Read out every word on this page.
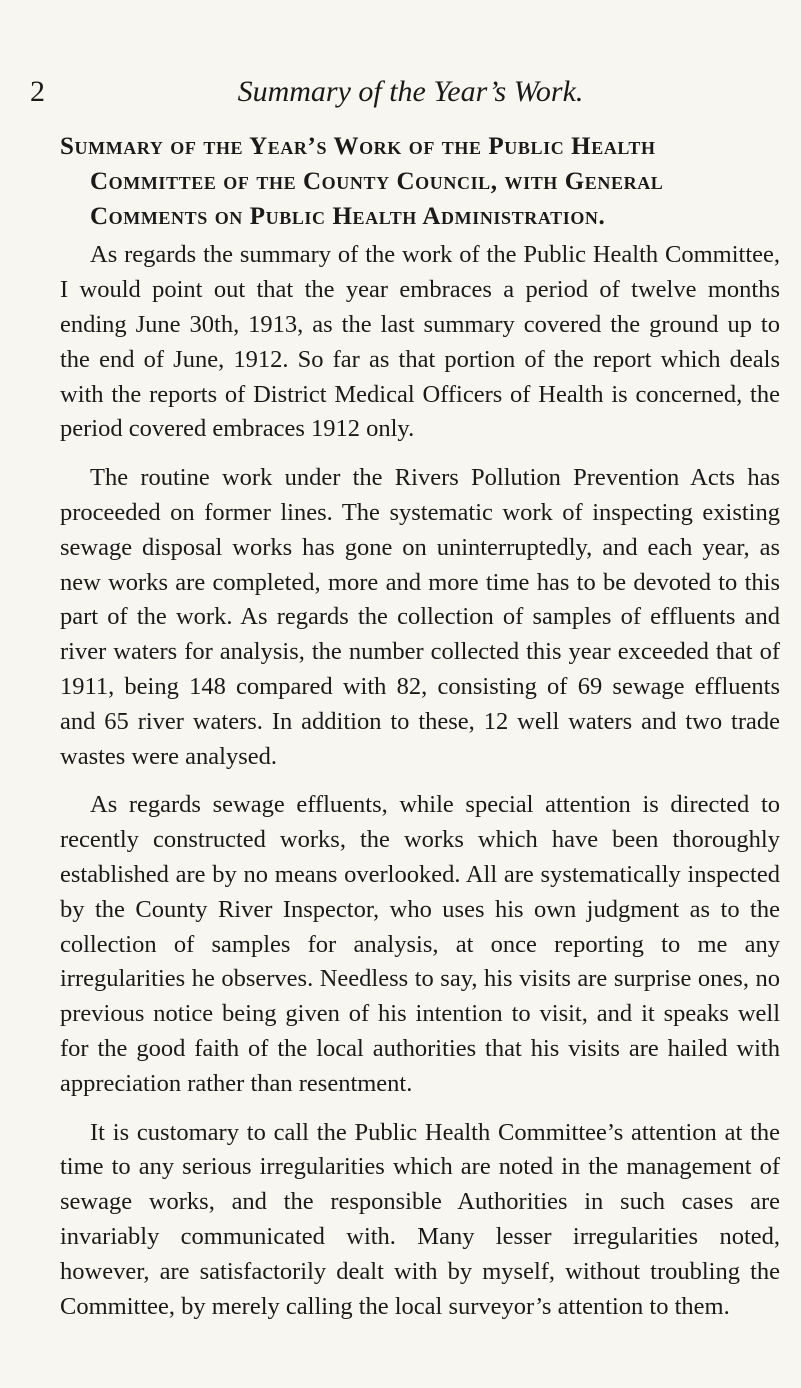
2	Summary of the Year’s Work.
Summary of the Year’s Work of the Public Health
Committee of the County Council, with General
Comments on Public Health Administration.

As regards the summary of the work of the Public Health Committee, I would point out that the year embraces a period of twelve months ending June 30th, 1913, as the last summary covered the ground up to the end of June, 1912. So far as that portion of the report which deals with the reports of District Medical Officers of Health is concerned, the period covered embraces 1912 only.

The routine work under the Rivers Pollution Prevention Acts has proceeded on former lines. The systematic work of inspecting existing sewage disposal works has gone on uninterruptedly, and each year, as new works are completed, more and more time has to be devoted to this part of the work. As regards the collection of samples of effluents and river waters for analysis, the number collected this year exceeded that of 1911, being 148 compared with 82, consisting of 69 sewage effluents and 65 river waters. In addition to these, 12 well waters and two trade wastes were analysed.

As regards sewage effluents, while special attention is directed to recently constructed works, the works which have been thoroughly established are by no means overlooked. All are systematically inspected by the County River Inspector, who uses his own judgment as to the collection of samples for analysis, at once reporting to me any irregularities he observes. Needless to say, his visits are surprise ones, no previous notice being given of his intention to visit, and it speaks well for the good faith of the local authorities that his visits are hailed with appreciation rather than resentment.

It is customary to call the Public Health Committee’s attention at the time to any serious irregularities which are noted in the management of sewage works, and the responsible Authorities in such cases are invariably communicated with. Many lesser irregularities noted, however, are satisfactorily dealt with by myself, without troubling the Committee, by merely calling the local surveyor’s attention to them.
